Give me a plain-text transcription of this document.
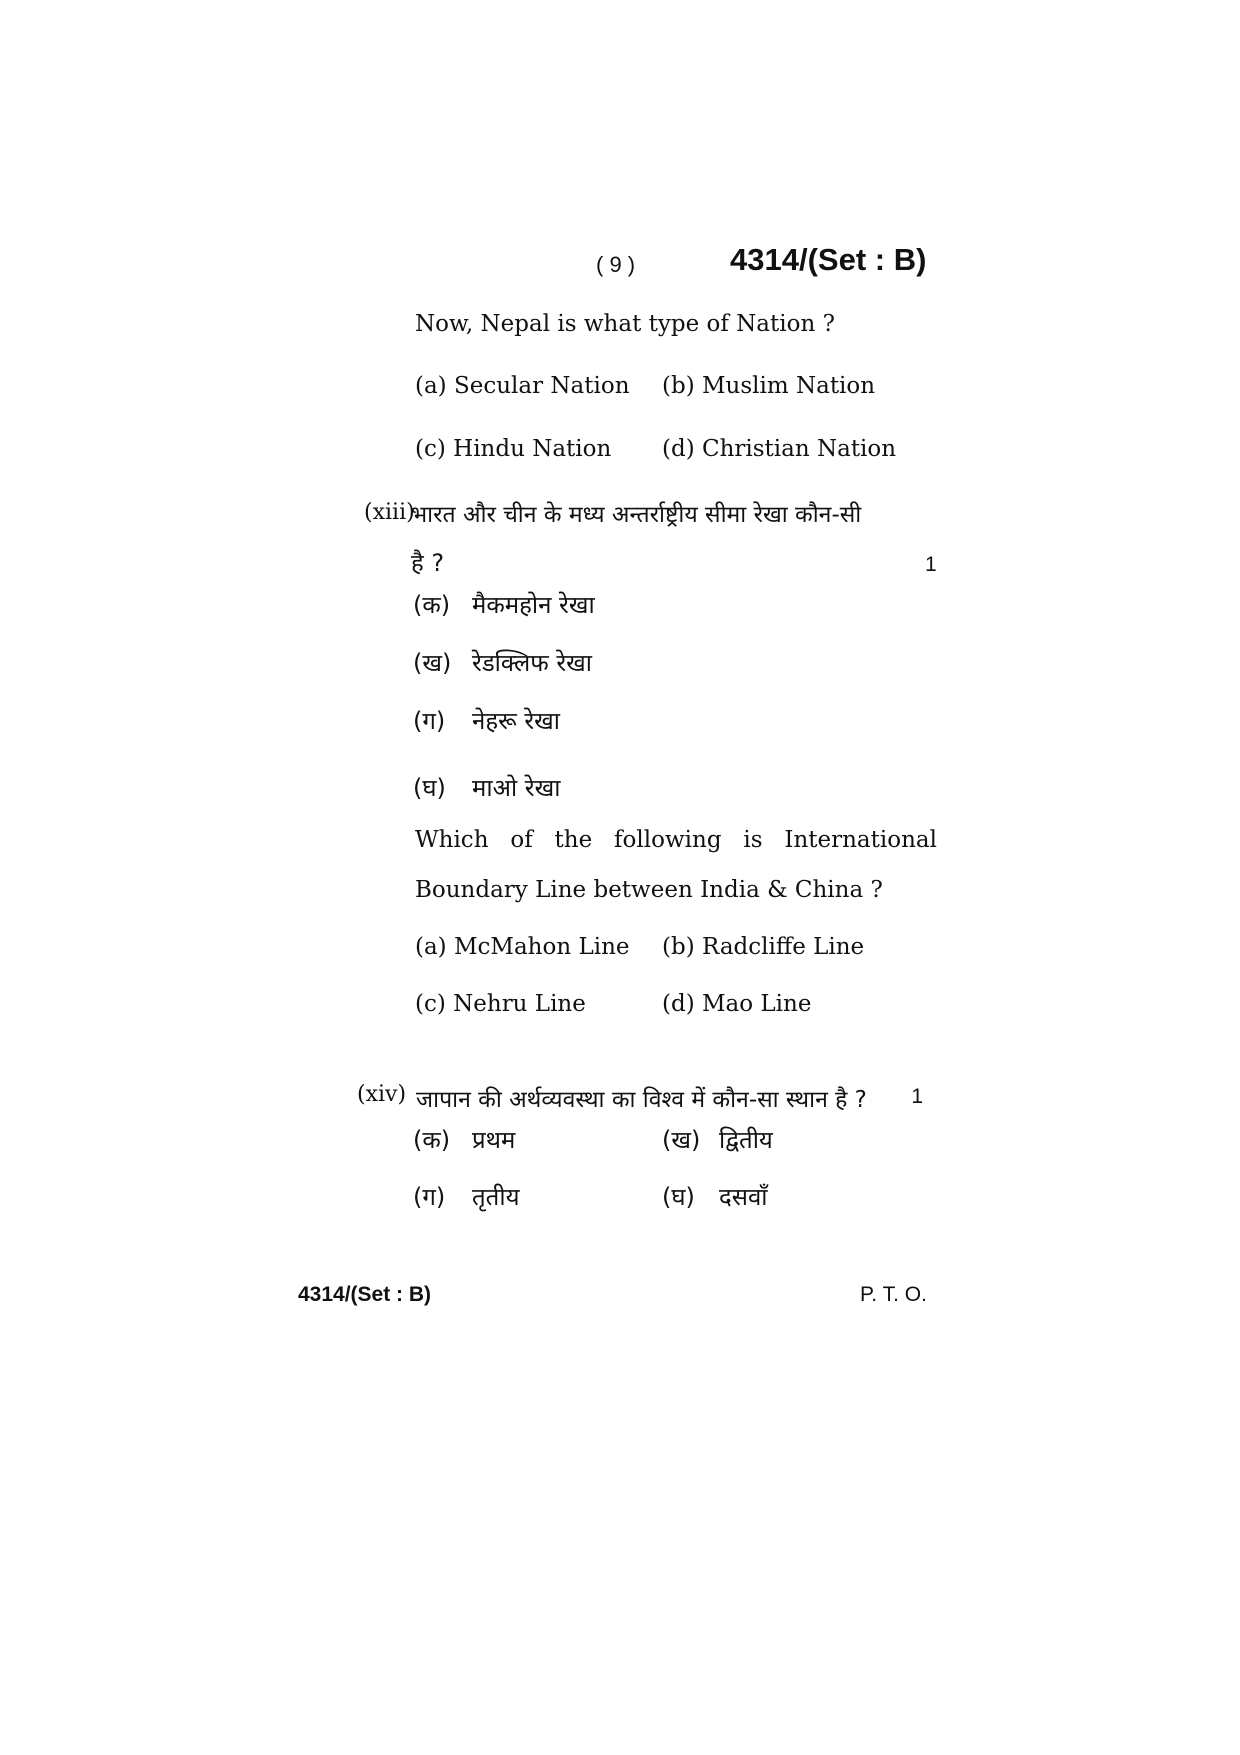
( 9 )	4314/(Set : B)
Now, Nepal is what type of Nation ?
(a) Secular Nation (b) Muslim Nation
(c) Hindu Nation (d) Christian Nation
(xiii)
भारत और चीन के मध्य अन्तर्राष्ट्रीय सीमा रेखा कौन-सी
है ?	1
(क) मैकमहोन रेखा
(ख) रेडक्लिफ रेखा
(ग) नेहरू रेखा
(घ) माओ रेखा
Which of the following is International
Boundary Line between India & China ?
(a) McMahon Line (b) Radcliffe Line
(c) Nehru Line	(d) Mao Line
(xiv) जापान की अर्थव्यवस्था का विश्व में कौन-सा स्थान है ?	1
(क) प्रथम	(ख) द्वितीय
(ग) तृतीय	(घ) दसवाँ
4314/(Set : B)	P. T. O.
